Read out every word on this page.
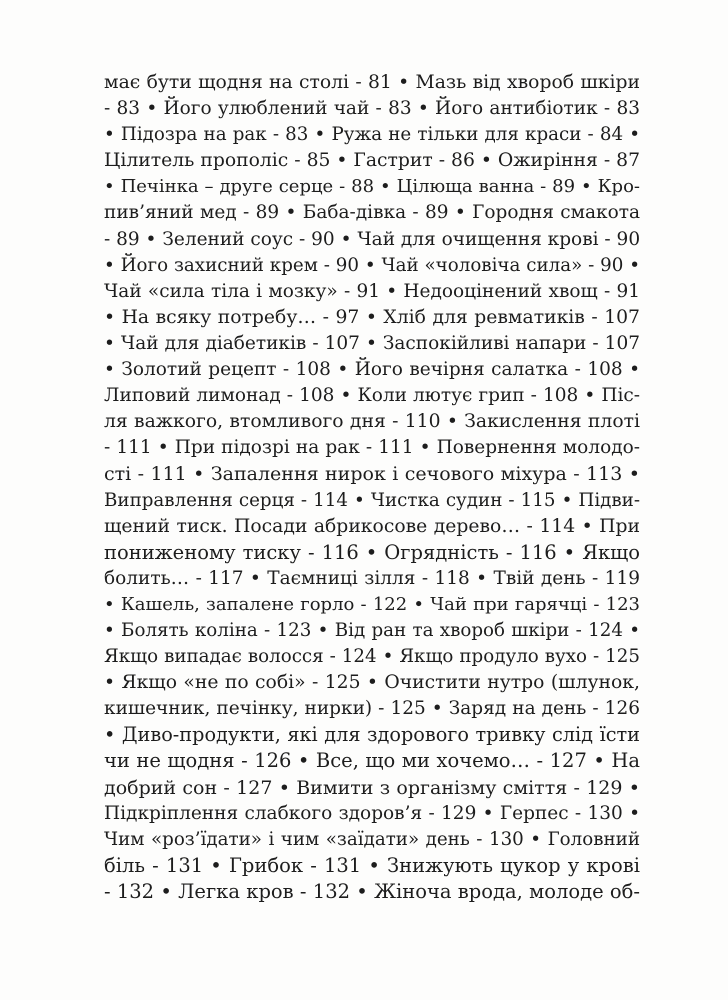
має бути щодня на столі - 81 • Мазь від хвороб шкіри
- 83 • Його улюблений чай - 83 • Його антибіотик - 83
• Підозра на рак - 83 • Ружа не тільки для краси - 84 •
Цілитель прополіс - 85 • Гастрит - 86 • Ожиріння - 87
• Печінка – друге серце - 88 • Цілюща ванна - 89 • Кро-
пив’яний мед - 89 • Баба-дівка - 89 • Городня смакота
- 89 • Зелений соус - 90 • Чай для очищення крові - 90
• Його захисний крем - 90 • Чай «чоловіча сила» - 90 •
Чай «сила тіла і мозку» - 91 • Недооцінений хвощ - 91
• На всяку потребу… - 97 • Хліб для ревматиків - 107
• Чай для діабетиків - 107 • Заспокійливі напари - 107
• Золотий рецепт - 108 • Його вечірня салатка - 108 •
Липовий лимонад - 108 • Коли лютує грип - 108 • Піс-
ля важкого, втомливого дня - 110 • Закислення плоті
- 111 • При підозрі на рак - 111 • Повернення молодо-
сті - 111 • Запалення нирок і сечового міхура - 113 •
Виправлення серця - 114 • Чистка судин - 115 • Підви-
щений тиск. Посади абрикосове дерево… - 114 • При
пониженому тиску - 116 • Огрядність - 116 • Якщо
болить… - 117 • Таємниці зілля - 118 • Твій день - 119
• Кашель, запалене горло - 122 • Чай при гарячці - 123
• Болять коліна - 123 • Від ран та хвороб шкіри - 124 •
Якщо випадає волосся - 124 • Якщо продуло вухо - 125
• Якщо «не по собі» - 125 • Очистити нутро (шлунок,
кишечник, печінку, нирки) - 125 • Заряд на день - 126
• Диво-продукти, які для здорового тривку слід їсти
чи не щодня - 126 • Все, що ми хочемо… - 127 • На
добрий сон - 127 • Вимити з організму сміття - 129 •
Підкріплення слабкого здоров’я - 129 • Герпес - 130 •
Чим «роз’їдати» і чим «заїдати» день - 130 • Головний
біль - 131 • Грибок - 131 • Знижують цукор у крові
- 132 • Легка кров - 132 • Жіноча врода, молоде об-
